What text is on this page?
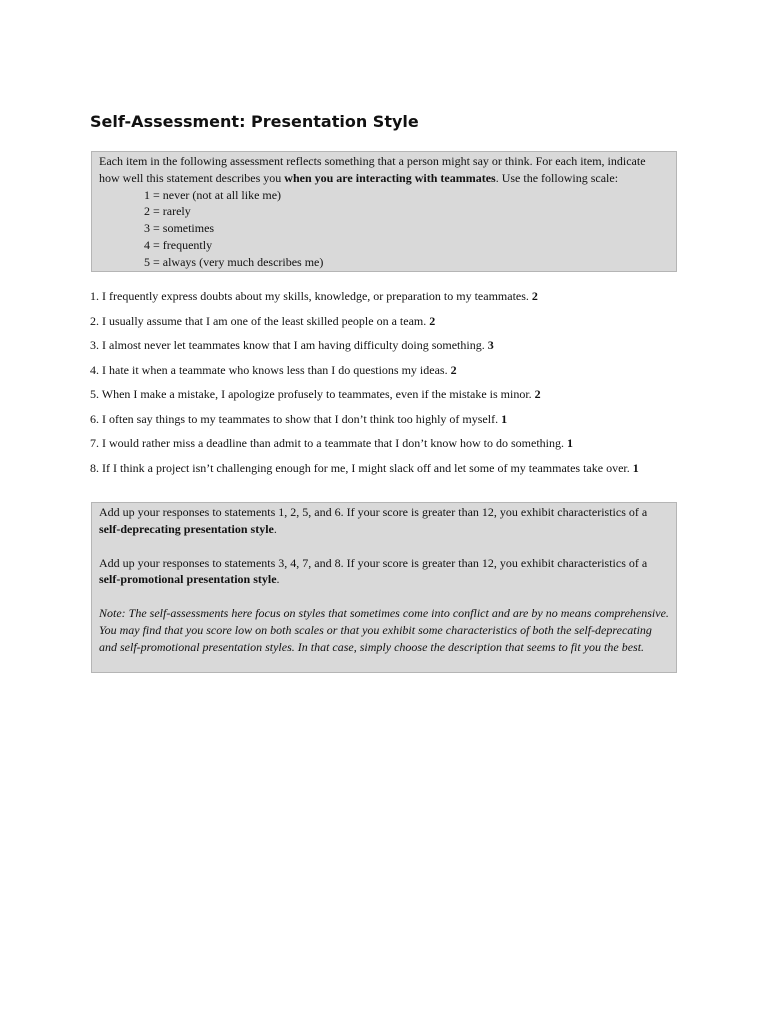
Self-Assessment: Presentation Style

Each item in the following assessment reflects something that a person might say or think. For each item, indicate how well this statement describes you when you are interacting with teammates. Use the following scale:

1 = never (not at all like me)
2 = rarely
3 = sometimes
4 = frequently
5 = always (very much describes me)
1. I frequently express doubts about my skills, knowledge, or preparation to my teammates. 2
2. I usually assume that I am one of the least skilled people on a team. 2
3. I almost never let teammates know that I am having difficulty doing something. 3
4. I hate it when a teammate who knows less than I do questions my ideas. 2
5. When I make a mistake, I apologize profusely to teammates, even if the mistake is minor. 2
6. I often say things to my teammates to show that I don’t think too highly of myself. 1
7. I would rather miss a deadline than admit to a teammate that I don’t know how to do something. 1
8. If I think a project isn’t challenging enough for me, I might slack off and let some of my teammates take over. 1

Add up your responses to statements 1, 2, 5, and 6. If your score is greater than 12, you exhibit characteristics of a self-deprecating presentation style.

Add up your responses to statements 3, 4, 7, and 8. If your score is greater than 12, you exhibit characteristics of a self-promotional presentation style.

Note: The self-assessments here focus on styles that sometimes come into conflict and are by no means comprehensive. You may find that you score low on both scales or that you exhibit some characteristics of both the self-deprecating and self-promotional presentation styles. In that case, simply choose the description that seems to fit you the best.
